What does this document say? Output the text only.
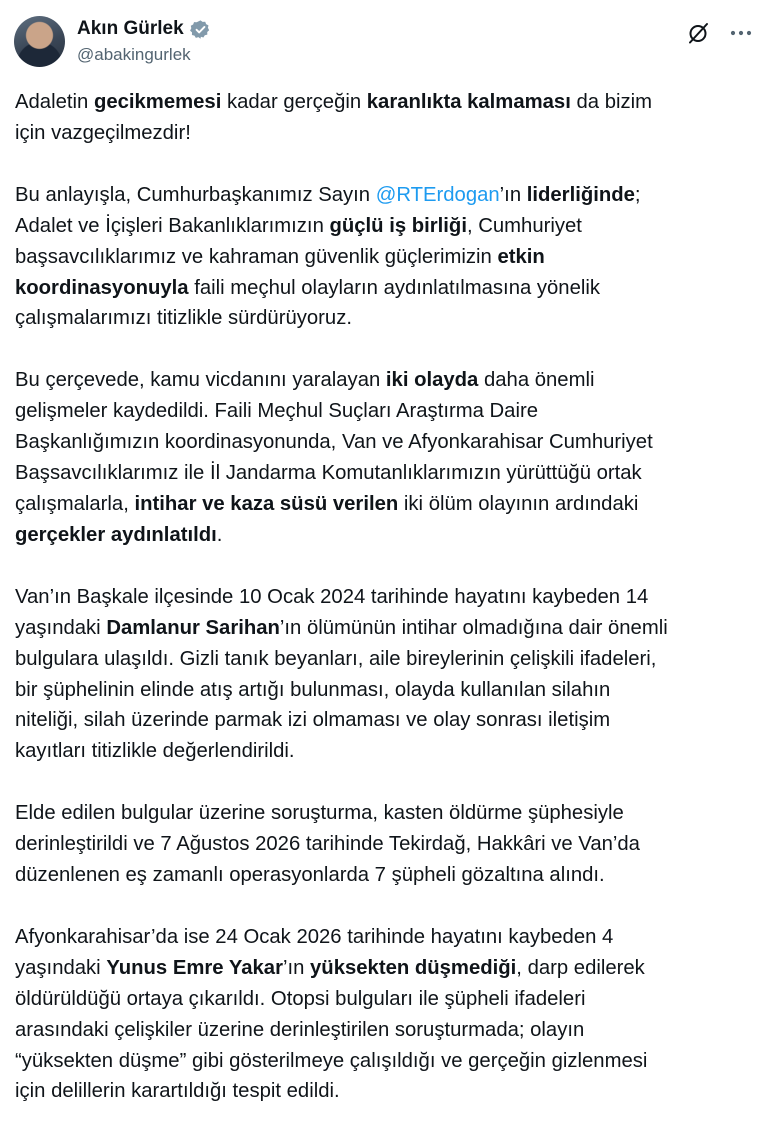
Akın Gürlek
@abakingurlek

Adaletin gecikmemesi kadar gerçeğin karanlıkta kalmaması da bizim
için vazgeçilmezdir!

Bu anlayışla, Cumhurbaşkanımız Sayın @RTErdogan’ın liderliğinde;
Adalet ve İçişleri Bakanlıklarımızın güçlü iş birliği, Cumhuriyet
başsavcılıklarımız ve kahraman güvenlik güçlerimizin etkin
koordinasyonuyla faili meçhul olayların aydınlatılmasına yönelik
çalışmalarımızı titizlikle sürdürüyoruz.

Bu çerçevede, kamu vicdanını yaralayan iki olayda daha önemli
gelişmeler kaydedildi. Faili Meçhul Suçları Araştırma Daire
Başkanlığımızın koordinasyonunda, Van ve Afyonkarahisar Cumhuriyet
Başsavcılıklarımız ile İl Jandarma Komutanlıklarımızın yürüttüğü ortak
çalışmalarla, intihar ve kaza süsü verilen iki ölüm olayının ardındaki
gerçekler aydınlatıldı.

Van’ın Başkale ilçesinde 10 Ocak 2024 tarihinde hayatını kaybeden 14
yaşındaki Damlanur Sarihan’ın ölümünün intihar olmadığına dair önemli
bulgulara ulaşıldı. Gizli tanık beyanları, aile bireylerinin çelişkili ifadeleri,
bir şüphelinin elinde atış artığı bulunması, olayda kullanılan silahın
niteliği, silah üzerinde parmak izi olmaması ve olay sonrası iletişim
kayıtları titizlikle değerlendirildi.

Elde edilen bulgular üzerine soruşturma, kasten öldürme şüphesiyle
derinleştirildi ve 7 Ağustos 2026 tarihinde Tekirdağ, Hakkâri ve Van’da
düzenlenen eş zamanlı operasyonlarda 7 şüpheli gözaltına alındı.

Afyonkarahisar’da ise 24 Ocak 2026 tarihinde hayatını kaybeden 4
yaşındaki Yunus Emre Yakar’ın yüksekten düşmediği, darp edilerek
öldürüldüğü ortaya çıkarıldı. Otopsi bulguları ile şüpheli ifadeleri
arasındaki çelişkiler üzerine derinleştirilen soruşturmada; olayın
“yüksekten düşme” gibi gösterilmeye çalışıldığı ve gerçeğin gizlenmesi
için delillerin karartıldığı tespit edildi.
